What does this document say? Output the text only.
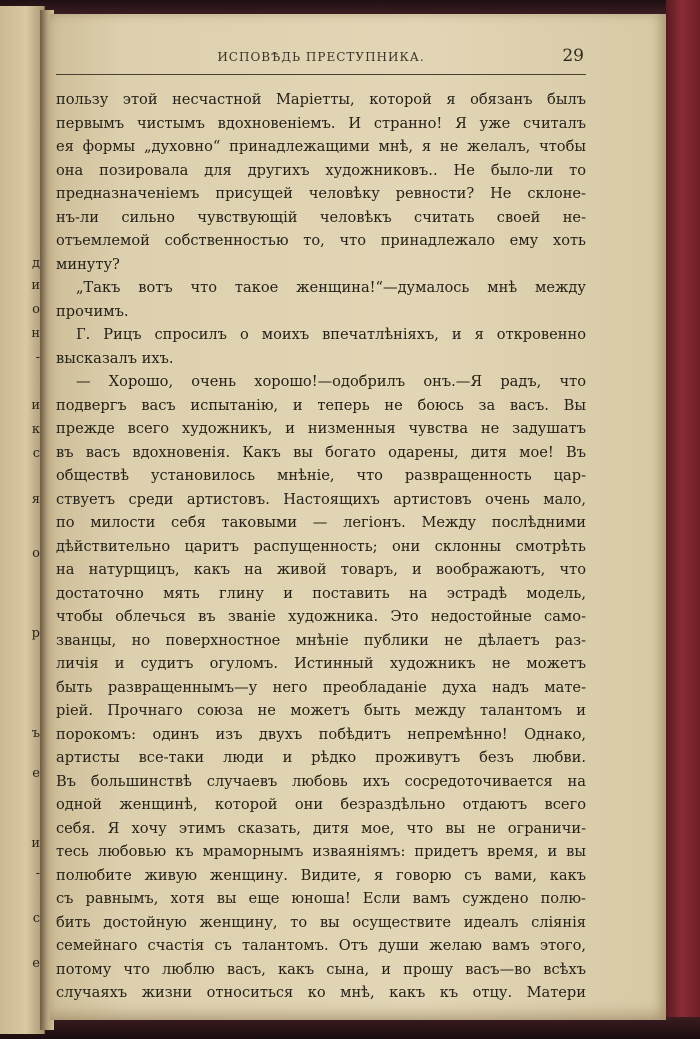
д
и
о
н
-
и
к
с
я
о
р
ъ
е
и
-
с
е
ИСПОВѢДЬ ПРЕСТУПНИКА.	29
пользу этой несчастной Маріетты, которой я обязанъ былъ
первымъ чистымъ вдохновеніемъ. И странно! Я уже считалъ
ея формы „духовно“ принадлежащими мнѣ, я не желалъ, чтобы
она позировала для другихъ художниковъ.. Не было-ли то
предназначеніемъ присущей человѣку ревности? Не склоне-
нъ-ли сильно чувствующій человѣкъ считать своей не-
отъемлемой собственностью то, что принадлежало ему хоть
минуту?
„Такъ вотъ что такое женщина!“—думалось мнѣ между
прочимъ.
Г. Рицъ спросилъ о моихъ впечатлѣніяхъ, и я откровенно
высказалъ ихъ.
— Хорошо, очень хорошо!—одобрилъ онъ.—Я радъ, что
подвергъ васъ испытанію, и теперь не боюсь за васъ. Вы
прежде всего художникъ, и низменныя чувства не задушатъ
въ васъ вдохновенія. Какъ вы богато одарены, дитя мое! Въ
обществѣ установилось мнѣніе, что развращенность цар-
ствуетъ среди артистовъ. Настоящихъ артистовъ очень мало,
по милости себя таковыми — легіонъ. Между послѣдними
дѣйствительно царитъ распущенность; они склонны смотрѣть
на натурщицъ, какъ на живой товаръ, и воображаютъ, что
достаточно мять глину и поставить на эстрадѣ модель,
чтобы облечься въ званіе художника. Это недостойные само-
званцы, но поверхностное мнѣніе публики не дѣлаетъ раз-
личія и судитъ огуломъ. Истинный художникъ не можетъ
быть развращеннымъ—у него преобладаніе духа надъ мате-
ріей. Прочнаго союза не можетъ быть между талантомъ и
порокомъ: одинъ изъ двухъ побѣдитъ непремѣнно! Однако,
артисты все-таки люди и рѣдко проживутъ безъ любви.
Въ большинствѣ случаевъ любовь ихъ сосредоточивается на
одной женщинѣ, которой они безраздѣльно отдаютъ всего
себя. Я хочу этимъ сказать, дитя мое, что вы не ограничи-
тесь любовью къ мраморнымъ изваяніямъ: придетъ время, и вы
полюбите живую женщину. Видите, я говорю съ вами, какъ
съ равнымъ, хотя вы еще юноша! Если вамъ суждено полю-
бить достойную женщину, то вы осуществите идеалъ слiянія
семейнаго счастія съ талантомъ. Отъ души желаю вамъ этого,
потому что люблю васъ, какъ сына, и прошу васъ—во всѣхъ
случаяхъ жизни относиться ко мнѣ, какъ къ отцу. Матери
